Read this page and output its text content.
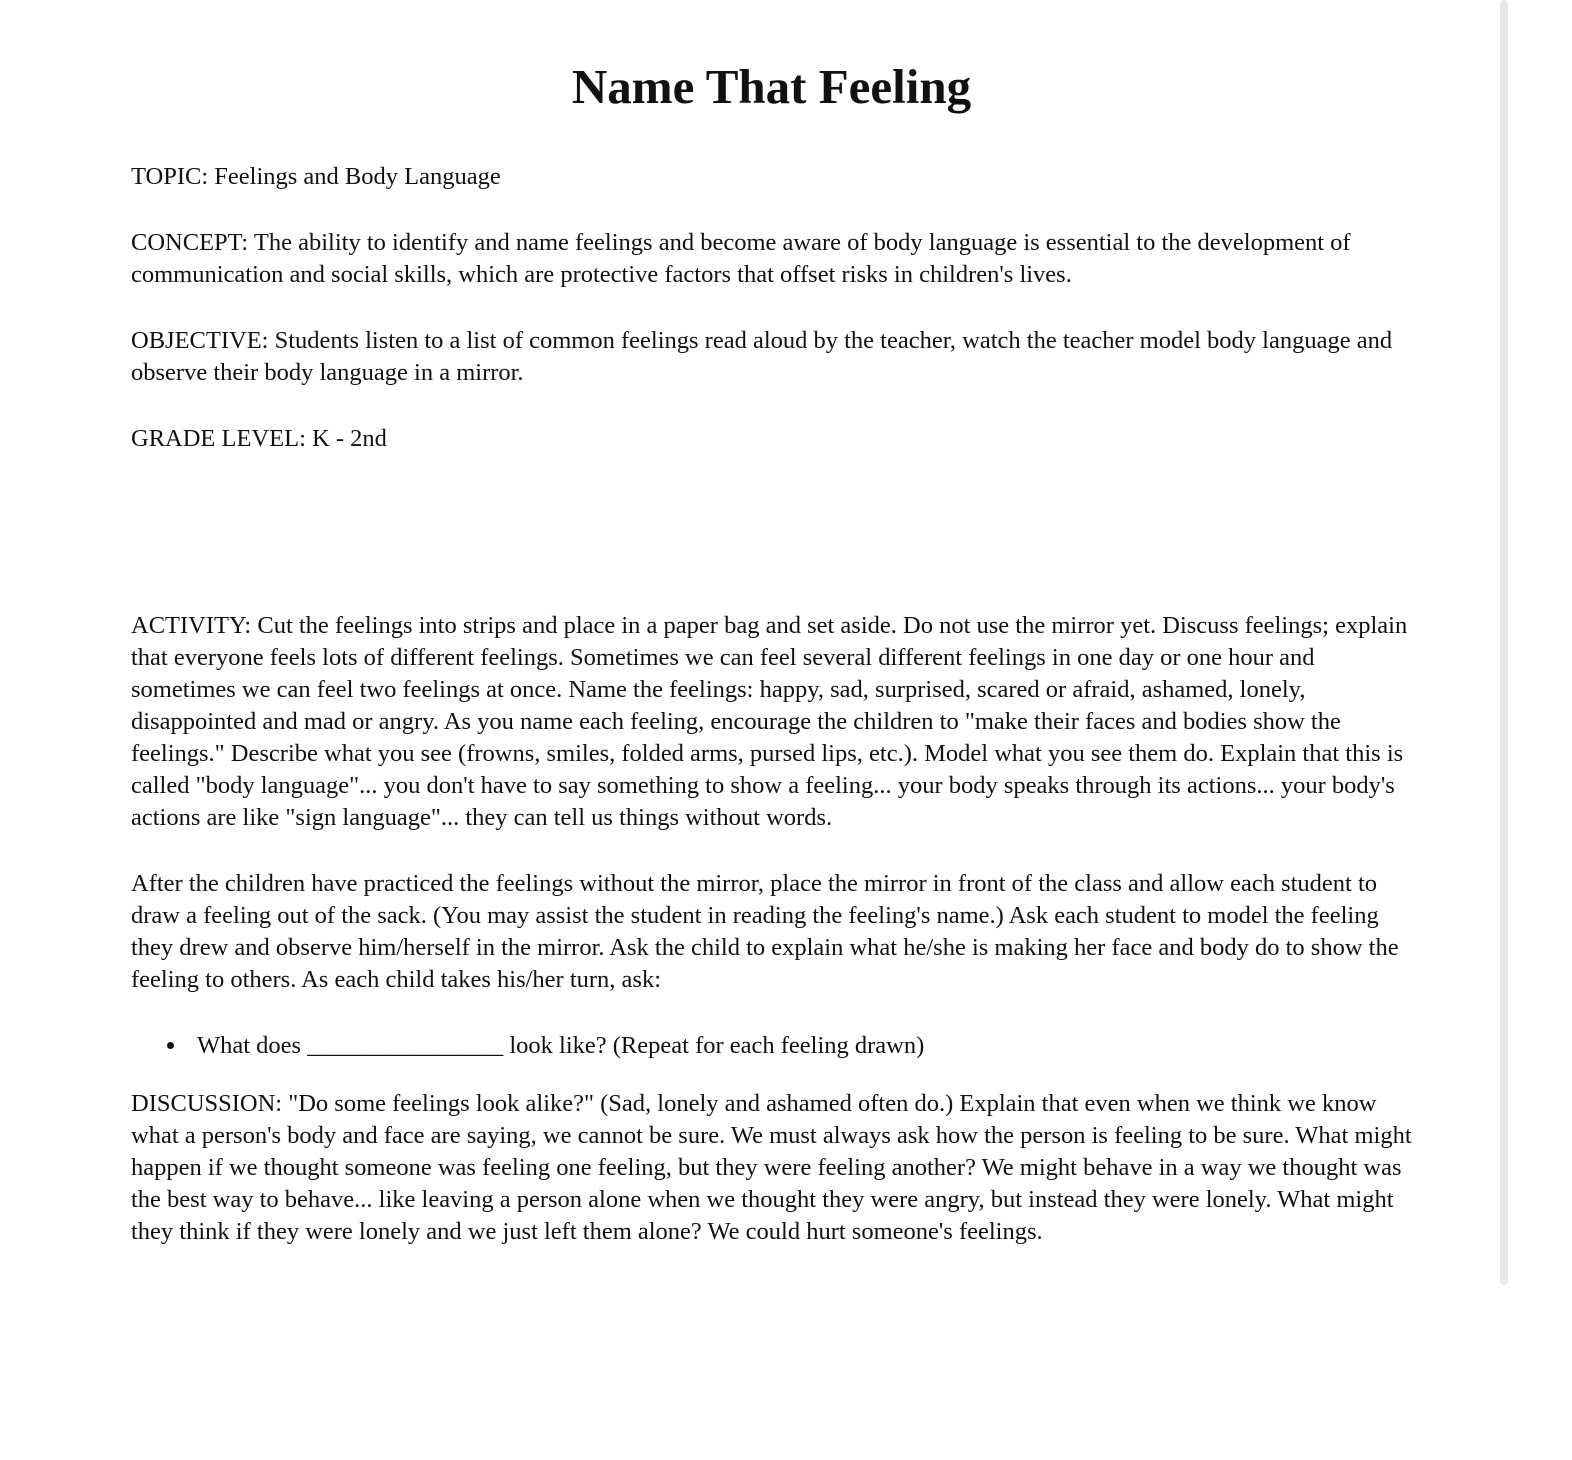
Name That Feeling

TOPIC: Feelings and Body Language

CONCEPT: The ability to identify and name feelings and become aware of body language is essential to the development of communication and social skills, which are protective factors that offset risks in children's lives.

OBJECTIVE: Students listen to a list of common feelings read aloud by the teacher, watch the teacher model body language and observe their body language in a mirror.

GRADE LEVEL: K - 2nd

ACTIVITY: Cut the feelings into strips and place in a paper bag and set aside. Do not use the mirror yet. Discuss feelings; explain that everyone feels lots of different feelings. Sometimes we can feel several different feelings in one day or one hour and sometimes we can feel two feelings at once. Name the feelings: happy, sad, surprised, scared or afraid, ashamed, lonely, disappointed and mad or angry. As you name each feeling, encourage the children to "make their faces and bodies show the feelings." Describe what you see (frowns, smiles, folded arms, pursed lips, etc.). Model what you see them do. Explain that this is called "body language"... you don't have to say something to show a feeling... your body speaks through its actions... your body's actions are like "sign language"... they can tell us things without words.

After the children have practiced the feelings without the mirror, place the mirror in front of the class and allow each student to draw a feeling out of the sack. (You may assist the student in reading the feeling's name.) Ask each student to model the feeling they drew and observe him/herself in the mirror. Ask the child to explain what he/she is making her face and body do to show the feeling to others. As each child takes his/her turn, ask:

• What does ________________ look like? (Repeat for each feeling drawn)

DISCUSSION: "Do some feelings look alike?" (Sad, lonely and ashamed often do.) Explain that even when we think we know what a person's body and face are saying, we cannot be sure. We must always ask how the person is feeling to be sure. What might happen if we thought someone was feeling one feeling, but they were feeling another? We might behave in a way we thought was the best way to behave... like leaving a person alone when we thought they were angry, but instead they were lonely. What might they think if they were lonely and we just left them alone? We could hurt someone's feelings.
